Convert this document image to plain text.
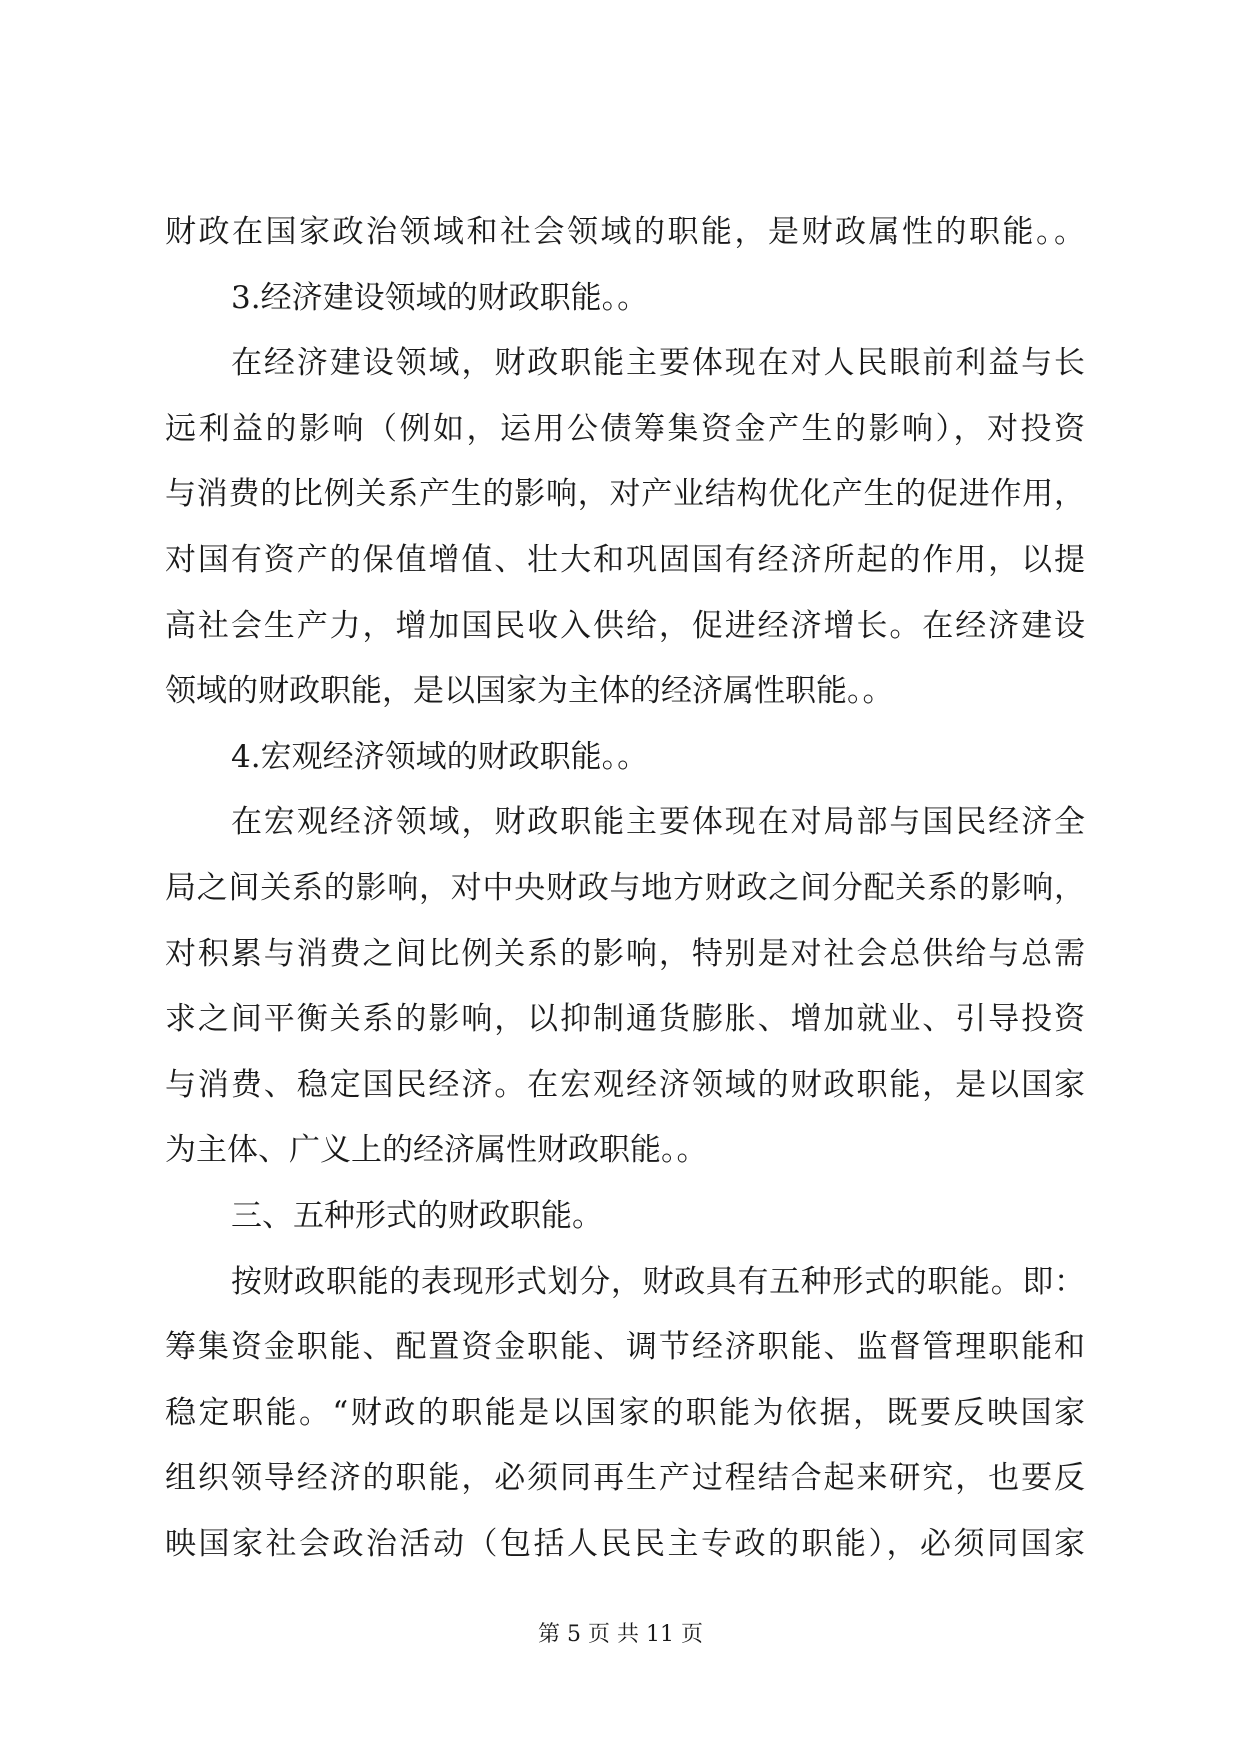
财政在国家政治领域和社会领域的职能，是财政属性的职能。。
3.经济建设领域的财政职能。。
在经济建设领域，财政职能主要体现在对人民眼前利益与长
远利益的影响（例如，运用公债筹集资金产生的影响），对投资
与消费的比例关系产生的影响，对产业结构优化产生的促进作用，
对国有资产的保值增值、壮大和巩固国有经济所起的作用，以提
高社会生产力，增加国民收入供给，促进经济增长。在经济建设
领域的财政职能，是以国家为主体的经济属性职能。。
4.宏观经济领域的财政职能。。
在宏观经济领域，财政职能主要体现在对局部与国民经济全
局之间关系的影响，对中央财政与地方财政之间分配关系的影响，
对积累与消费之间比例关系的影响，特别是对社会总供给与总需
求之间平衡关系的影响，以抑制通货膨胀、增加就业、引导投资
与消费、稳定国民经济。在宏观经济领域的财政职能，是以国家
为主体、广义上的经济属性财政职能。。
三、五种形式的财政职能。
按财政职能的表现形式划分，财政具有五种形式的职能。即：
筹集资金职能、配置资金职能、调节经济职能、监督管理职能和
稳定职能。“财政的职能是以国家的职能为依据，既要反映国家
组织领导经济的职能，必须同再生产过程结合起来研究，也要反
映国家社会政治活动（包括人民民主专政的职能），必须同国家
第 5 页 共 11 页
